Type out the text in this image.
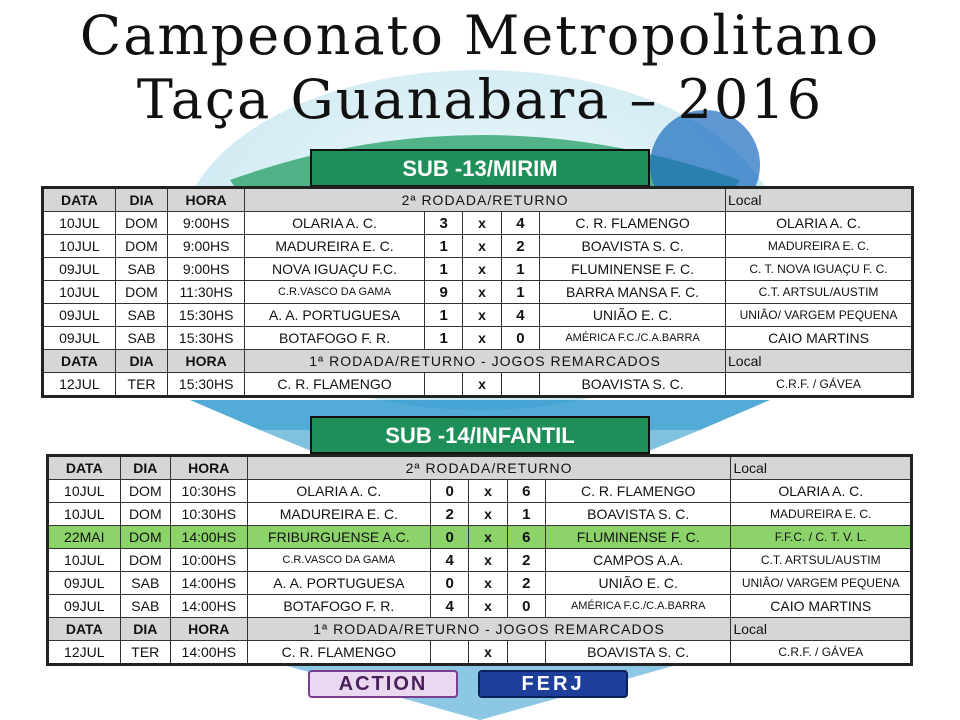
Campeonato Metropolitano
Taça Guanabara – 2016
SUB -13/MIRIM
DATA	DIA	HORA	2ª RODADA/RETURNO					Local
10JUL	DOM	9:00HS	OLARIA A. C.	3	x	4	C. R. FLAMENGO	OLARIA A. C.
10JUL	DOM	9:00HS	MADUREIRA E. C.	1	x	2	BOAVISTA S. C.	MADUREIRA E. C.
09JUL	SAB	9:00HS	NOVA IGUAÇU F.C.	1	x	1	FLUMINENSE F. C.	C. T. NOVA IGUAÇU F. C.
10JUL	DOM	11:30HS	C.R.VASCO DA GAMA	9	x	1	BARRA MANSA F. C.	C.T. ARTSUL/AUSTIM
09JUL	SAB	15:30HS	A. A. PORTUGUESA	1	x	4	UNIÃO E. C.	UNIÂO/ VARGEM PEQUENA
09JUL	SAB	15:30HS	BOTAFOGO F. R.	1	x	0	AMÉRICA F.C./C.A.BARRA	CAIO MARTINS
DATA	DIA	HORA	1ª RODADA/RETURNO - JOGOS REMARCADOS					Local
12JUL	TER	15:30HS	C. R. FLAMENGO		x		BOAVISTA S. C.	C.R.F. / GÁVEA
SUB -14/INFANTIL
DATA	DIA	HORA	2ª RODADA/RETURNO					Local
10JUL	DOM	10:30HS	OLARIA A. C.	0	x	6	C. R. FLAMENGO	OLARIA A. C.
10JUL	DOM	10:30HS	MADUREIRA E. C.	2	x	1	BOAVISTA S. C.	MADUREIRA E. C.
22MAI	DOM	14:00HS	FRIBURGUENSE A.C.	0	x	6	FLUMINENSE F. C.	F.F.C. / C. T. V. L.
10JUL	DOM	10:00HS	C.R.VASCO DA GAMA	4	x	2	CAMPOS A.A.	C.T. ARTSUL/AUSTIM
09JUL	SAB	14:00HS	A. A. PORTUGUESA	0	x	2	UNIÃO E. C.	UNIÂO/ VARGEM PEQUENA
09JUL	SAB	14:00HS	BOTAFOGO F. R.	4	x	0	AMÉRICA F.C./C.A.BARRA	CAIO MARTINS
DATA	DIA	HORA	1ª RODADA/RETURNO - JOGOS REMARCADOS					Local
12JUL	TER	14:00HS	C. R. FLAMENGO		x		BOAVISTA S. C.	C.R.F. / GÁVEA
ACTION	FERJ
